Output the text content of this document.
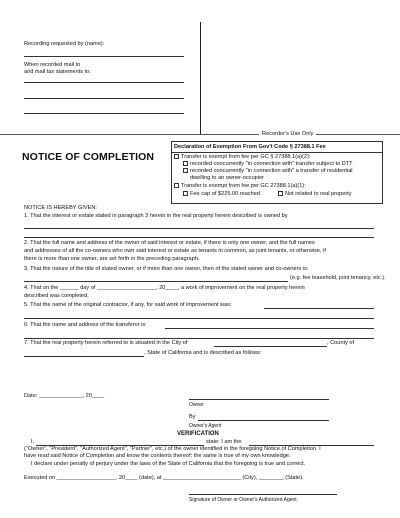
Recording requested by (name):
When recorded mail to
and mail tax statements to:
Recorder's Use Only
NOTICE OF COMPLETION
Declaration of Exemption From Gov't Code § 27388.1 Fee
Transfer is exempt from fee per GC § 27388.1(a)(2):
recorded concurrently "in connection with" transfer subject to DTT
recorded concurrently "in connection with" a transfer of residential
dwelling to an owner-occupier
Transfer is exempt from fee per GC 27388.1(a)(1):
Fee cap of $225.00 reached	Not related to real property
NOTICE IS HEREBY GIVEN:
1. That the interest or estate stated in paragraph 3 herein in the real property herein described is owned by
2. That the full name and address of the owner of said interest or estate, if there is only one owner, and the full names
and addresses of all the co-owners who own said interest or estate as tenants in common, as joint tenants, or otherwise, if
there is more than one owner, are set forth in the preceding paragraph.
3. That the nature of the title of stated owner, or if more than one owner, then of the stated owner and co-owners is:
(e.g. fee leasehold, joint tenancy, etc.).
4. That on the ______ day of ___________________, 20____, a work of improvement on the real property herein
described was completed.
5. That the name of the original contractor, if any, for said work of improvement was:
6. That the name and address of the transferor is:
7. That the real property herein referred to is situated in the City of	, County of
, State of California and is described as follows:
Date: ______________, 20____
Owner
By
Owner's Agent
VERIFICATION
I,	state: I am the
("Owner", "President", "Authorized Agent", "Partner", etc.) of the owner identified in the foregoing Notice of Completion. I
have read said Notice of Completion and know the contents thereof; the same is true of my own knowledge.
I declare under penalty of perjury under the laws of the State of California that the foregoing is true and correct.
Executed on ___________________, 20____ (date), at _________________________ (City), ________ (State).
Signature of Owner or Owner's Authorized Agent
